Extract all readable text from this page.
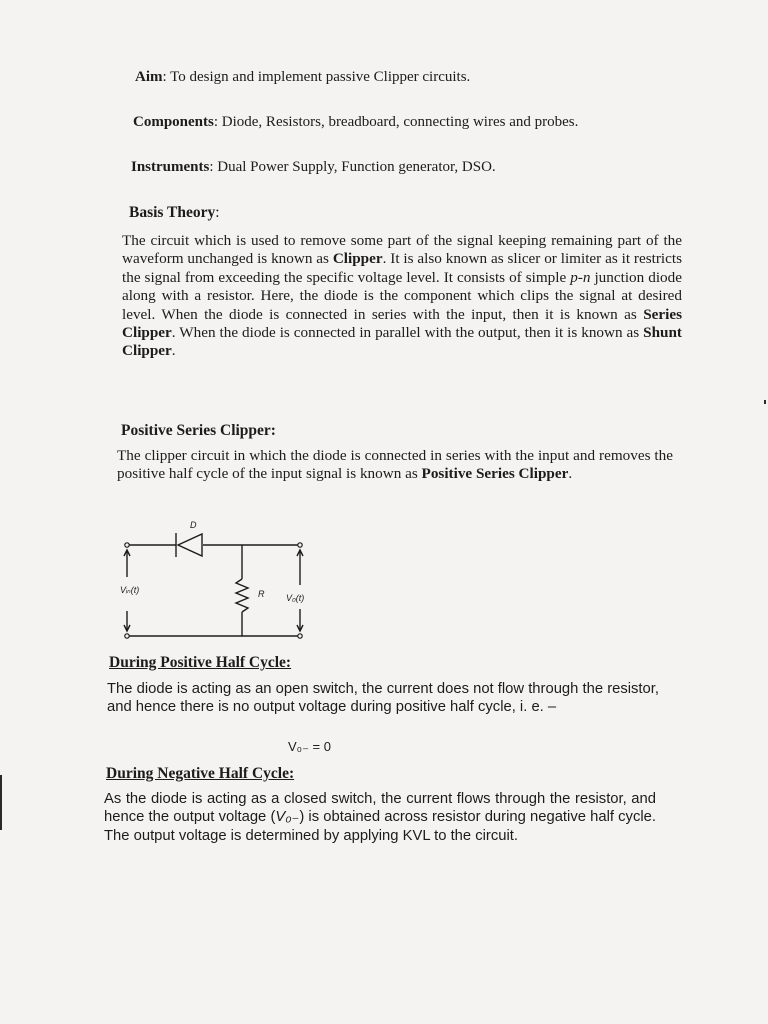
Aim: To design and implement passive Clipper circuits.
Components: Diode, Resistors, breadboard, connecting wires and probes.
Instruments: Dual Power Supply, Function generator, DSO.
Basis Theory:

The circuit which is used to remove some part of the signal keeping remaining part of the waveform unchanged is known as Clipper. It is also known as slicer or limiter as it restricts the signal from exceeding the specific voltage level. It consists of simple p-n junction diode along with a resistor. Here, the diode is the component which clips the signal at desired level. When the diode is connected in series with the input, then it is known as Series Clipper. When the diode is connected in parallel with the output, then it is known as Shunt Clipper.

Positive Series Clipper:

The clipper circuit in which the diode is connected in series with the input and removes the positive half cycle of the input signal is known as Positive Series Clipper.

D
Vᵢₙ(t)	R V₀(t)
During Positive Half Cycle:
The diode is acting as an open switch, the current does not flow through the resistor, and hence there is no output voltage during positive half cycle, i. e. –
V₀₋ = 0
During Negative Half Cycle:

As the diode is acting as a closed switch, the current flows through the resistor, and hence the output voltage (V₀₋) is obtained across resistor during negative half cycle. The output voltage is determined by applying KVL to the circuit.
